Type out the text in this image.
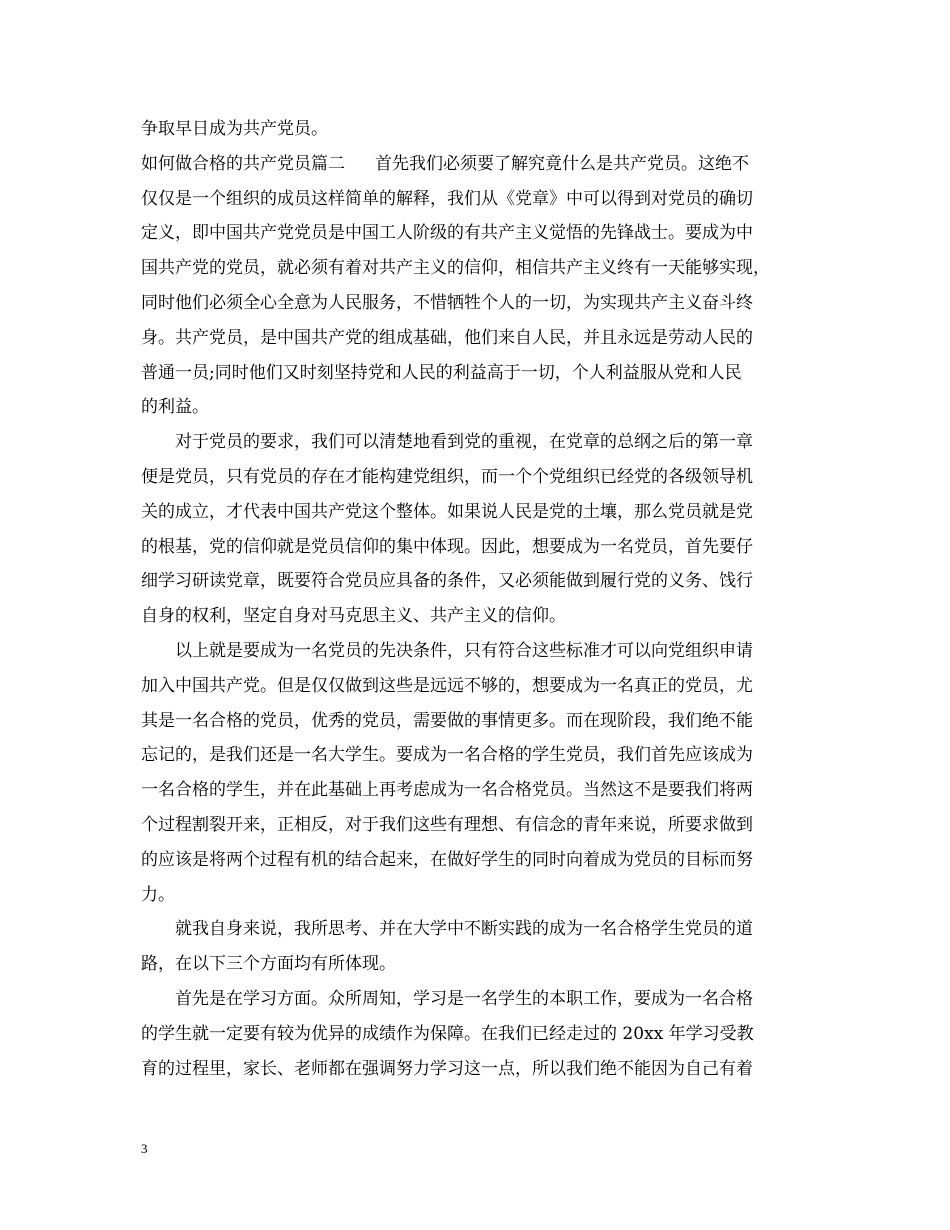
争取早日成为共产党员。
如何做合格的共产党员篇二 首先我们必须要了解究竟什么是共产党员。这绝不
仅仅是一个组织的成员这样简单的解释，我们从《党章》中可以得到对党员的确切
定义，即中国共产党党员是中国工人阶级的有共产主义觉悟的先锋战士。要成为中
国共产党的党员，就必须有着对共产主义的信仰，相信共产主义终有一天能够实现，
同时他们必须全心全意为人民服务，不惜牺牲个人的一切，为实现共产主义奋斗终
身。共产党员，是中国共产党的组成基础，他们来自人民，并且永远是劳动人民的
普通一员;同时他们又时刻坚持党和人民的利益高于一切，个人利益服从党和人民
的利益。
对于党员的要求，我们可以清楚地看到党的重视，在党章的总纲之后的第一章
便是党员，只有党员的存在才能构建党组织，而一个个党组织已经党的各级领导机
关的成立，才代表中国共产党这个整体。如果说人民是党的土壤，那么党员就是党
的根基，党的信仰就是党员信仰的集中体现。因此，想要成为一名党员，首先要仔
细学习研读党章，既要符合党员应具备的条件，又必须能做到履行党的义务、饯行
自身的权利，坚定自身对马克思主义、共产主义的信仰。
以上就是要成为一名党员的先决条件，只有符合这些标准才可以向党组织申请
加入中国共产党。但是仅仅做到这些是远远不够的，想要成为一名真正的党员，尤
其是一名合格的党员，优秀的党员，需要做的事情更多。而在现阶段，我们绝不能
忘记的，是我们还是一名大学生。要成为一名合格的学生党员，我们首先应该成为
一名合格的学生，并在此基础上再考虑成为一名合格党员。当然这不是要我们将两
个过程割裂开来，正相反，对于我们这些有理想、有信念的青年来说，所要求做到
的应该是将两个过程有机的结合起来，在做好学生的同时向着成为党员的目标而努
力。
就我自身来说，我所思考、并在大学中不断实践的成为一名合格学生党员的道
路，在以下三个方面均有所体现。
首先是在学习方面。众所周知，学习是一名学生的本职工作，要成为一名合格
的学生就一定要有较为优异的成绩作为保障。在我们已经走过的 20xx 年学习受教
育的过程里，家长、老师都在强调努力学习这一点，所以我们绝不能因为自己有着
3
